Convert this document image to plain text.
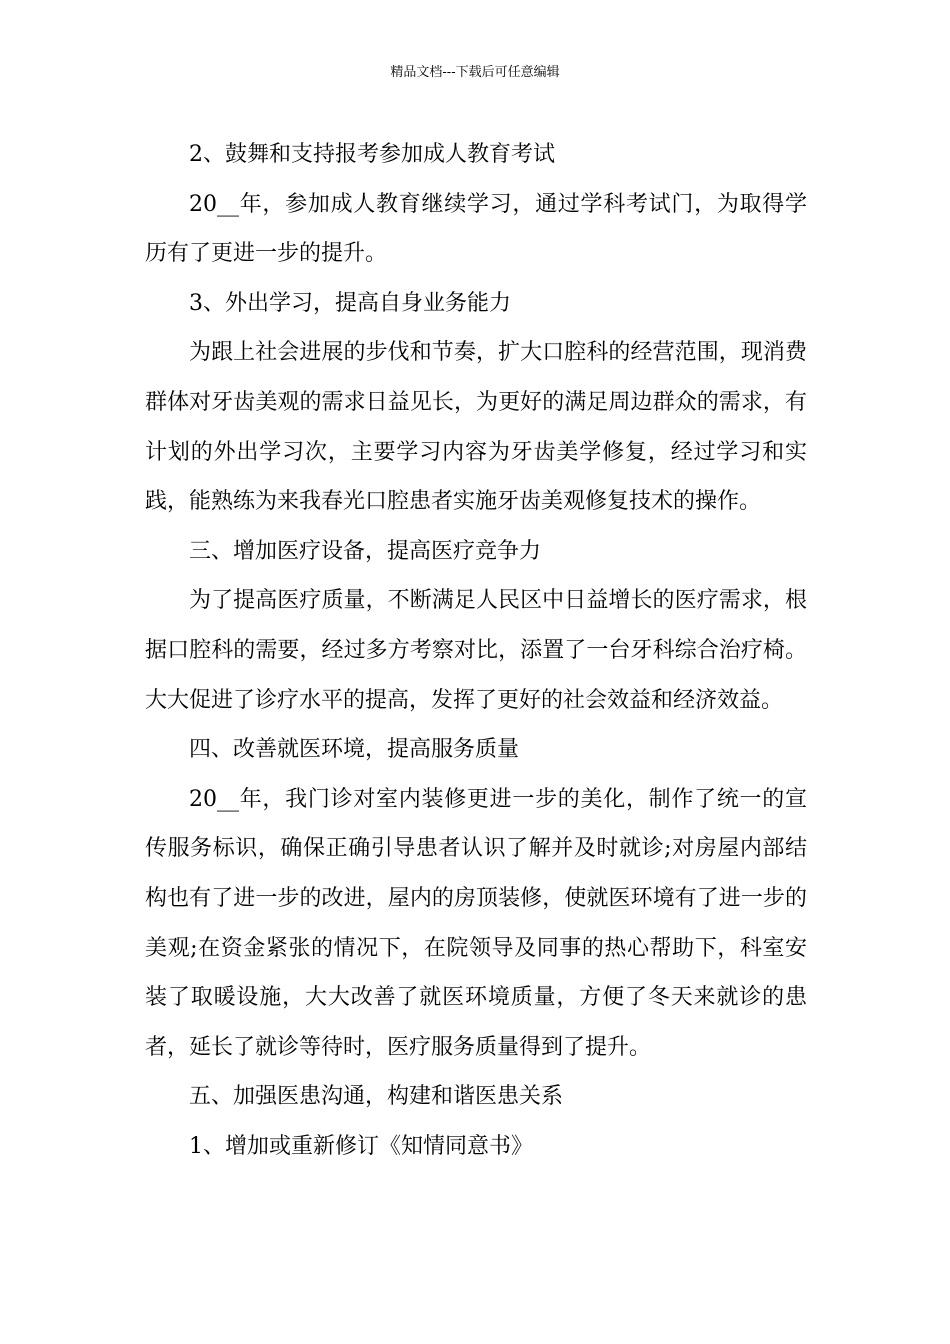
精品文档---下载后可任意编辑

2、鼓舞和支持报考参加成人教育考试

20__年，参加成人教育继续学习，通过学科考试门，为取得学历有了更进一步的提升。

3、外出学习，提高自身业务能力

为跟上社会进展的步伐和节奏，扩大口腔科的经营范围，现消费群体对牙齿美观的需求日益见长，为更好的满足周边群众的需求，有计划的外出学习次，主要学习内容为牙齿美学修复，经过学习和实践，能熟练为来我春光口腔患者实施牙齿美观修复技术的操作。

三、增加医疗设备，提高医疗竞争力

为了提高医疗质量，不断满足人民区中日益增长的医疗需求，根据口腔科的需要，经过多方考察对比，添置了一台牙科综合治疗椅。大大促进了诊疗水平的提高，发挥了更好的社会效益和经济效益。

四、改善就医环境，提高服务质量

20__年，我门诊对室内装修更进一步的美化，制作了统一的宣传服务标识，确保正确引导患者认识了解并及时就诊;对房屋内部结构也有了进一步的改进，屋内的房顶装修，使就医环境有了进一步的美观;在资金紧张的情况下，在院领导及同事的热心帮助下，科室安装了取暖设施，大大改善了就医环境质量，方便了冬天来就诊的患者，延长了就诊等待时，医疗服务质量得到了提升。

五、加强医患沟通，构建和谐医患关系

1、增加或重新修订《知情同意书》
